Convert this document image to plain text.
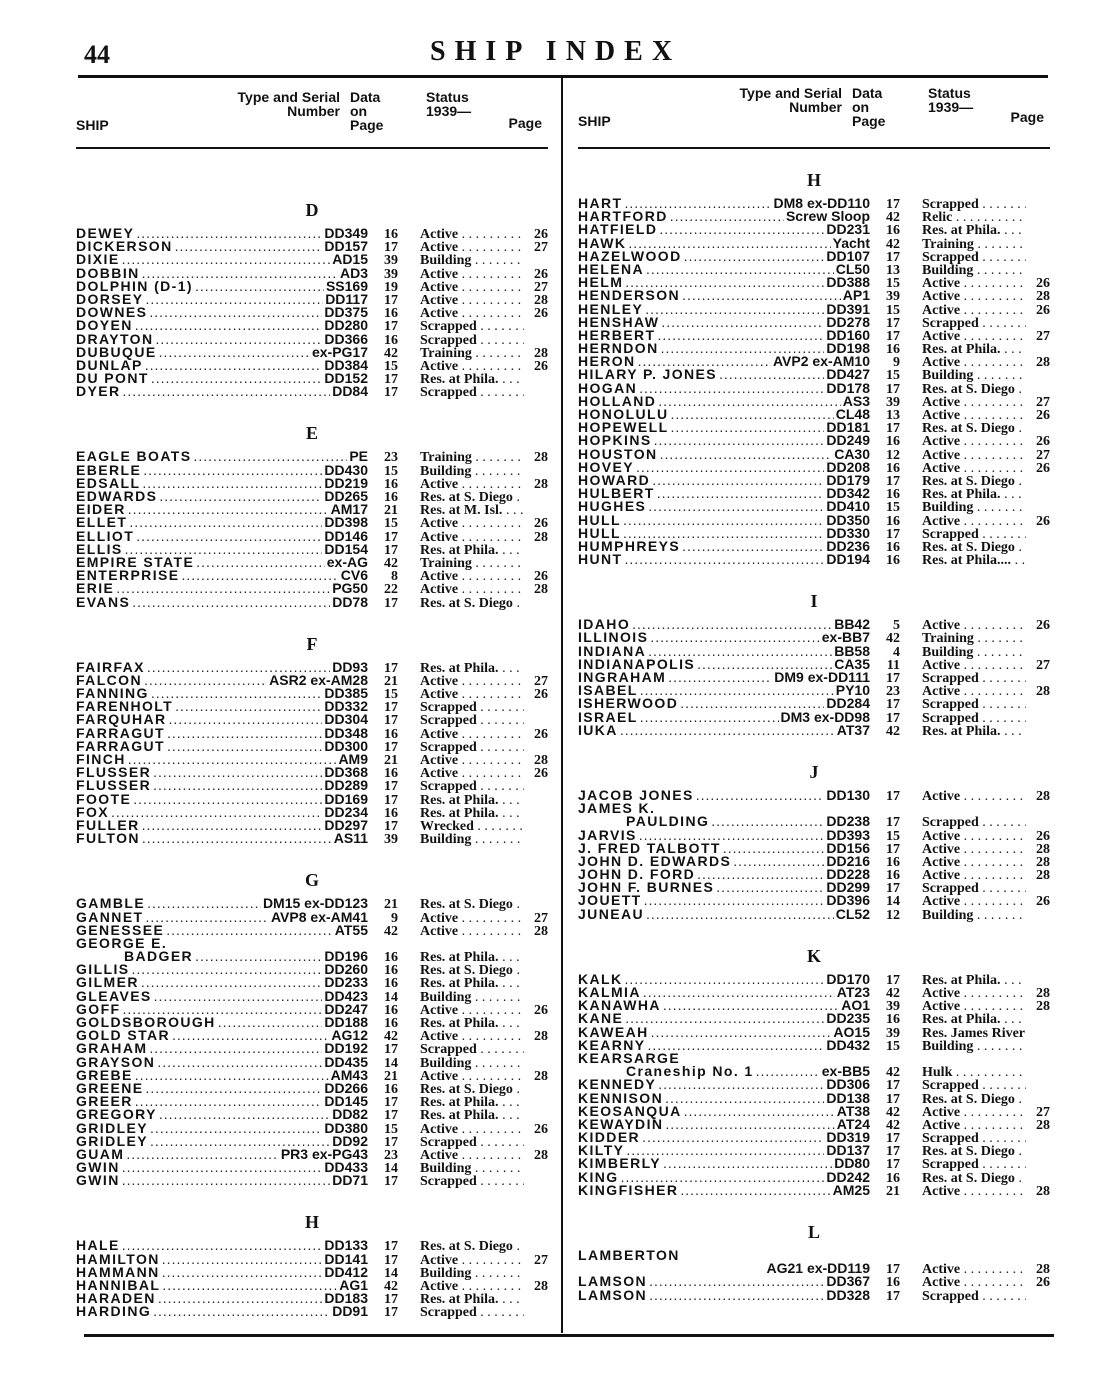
44	SHIP INDEX
SHIP
Type and Serial Number
Data on Page
Status 1939—
Page
D
DEWEY .....	DD349	16 Active . . .	26
DICKERSON .....	DD157	17 Active . . .	27
DIXIE .....	AD15	39 Building . . .
DOBBIN .....	AD3	39 Active . . .	26
DOLPHIN (D-1) .....	SS169	19 Active . . .	27
DORSEY .....	DD117	17 Active . . .	28
DOWNES .....	DD375	16 Active . . .	26
DOYEN .....	DD280	17 Scrapped . . .
DRAYTON .....	DD366	16 Scrapped . . .
DUBUQUE .....	ex-PG17	42 Training . . .	28
DUNLAP .....	DD384	15 Active . . .	26
DU PONT .....	DD152	17 Res. at Phila. . . .
DYER .....	DD84	17 Scrapped . . .
E
EAGLE BOATS .....	PE	23 Training . . .	28
EBERLE .....	DD430	15 Building . . .
EDSALL .....	DD219	16 Active . . .	28
EDWARDS .....	DD265	16 Res. at S. Diego . . .
EIDER .....	AM17	21 Res. at M. Isl. . . .
ELLET .....	DD398	15 Active . . .	26
ELLIOT .....	DD146	17 Active . . .	28
ELLIS .....	DD154	17 Res. at Phila. . . .
EMPIRE STATE .....	ex-AG	42 Training . . .
ENTERPRISE .....	CV6	8 Active . . .	26
ERIE .....	PG50	22 Active . . .	28
EVANS .....	DD78	17 Res. at S. Diego . . .
F
FAIRFAX .....	DD93	17 Res. at Phila. . . .
FALCON .....	ASR2 ex-AM28	21 Active . . .	27
FANNING .....	DD385	15 Active . . .	26
FARENHOLT .....	DD332	17 Scrapped . . .
FARQUHAR .....	DD304	17 Scrapped . . .
FARRAGUT .....	DD348	16 Active . . .	26
FARRAGUT .....	DD300	17 Scrapped . . .
FINCH .....	AM9	21 Active . . .	28
FLUSSER .....	DD368	16 Active . . .	26
FLUSSER .....	DD289	17 Scrapped . . .
FOOTE .....	DD169	17 Res. at Phila. . . .
FOX .....	DD234	16 Res. at Phila. . . .
FULLER .....	DD297	17 Wrecked . . .
FULTON .....	AS11	39 Building . . .
G
GAMBLE .....	DM15 ex-DD123	21 Res. at S. Diego . . .
GANNET .....	AVP8 ex-AM41	9 Active . . .	27
GENESSEE .....	AT55	42 Active . . .	28
GEORGE E.
BADGER .....	DD196	16 Res. at Phila. . . .
GILLIS .....	DD260	16 Res. at S. Diego . . .
GILMER .....	DD233	16 Res. at Phila. . . .
GLEAVES .....	DD423	14 Building . . .
GOFF .....	DD247	16 Active . . .	26
GOLDSBOROUGH .....	DD188	16 Res. at Phila. . . .
GOLD STAR .....	AG12	42 Active . . .	28
GRAHAM .....	DD192	17 Scrapped . . .
GRAYSON .....	DD435	14 Building . . .
GREBE .....	AM43	21 Active . . .	28
GREENE .....	DD266	16 Res. at S. Diego . . .
GREER .....	DD145	17 Res. at Phila. . . .
GREGORY .....	DD82	17 Res. at Phila. . . .
GRIDLEY .....	DD380	15 Active . . .	26
GRIDLEY .....	DD92	17 Scrapped . . .
GUAM .....	PR3 ex-PG43	23 Active . . .	28
GWIN .....	DD433	14 Building . . .
GWIN .....	DD71	17 Scrapped . . .
H
HALE .....	DD133	17 Res. at S. Diego . . .
HAMILTON .....	DD141	17 Active . . .	27
HAMMANN .....	DD412	14 Building . . .
HANNIBAL .....	AG1	42 Active . . .	28
HARADEN .....	DD183	17 Res. at Phila. . . .
HARDING .....	DD91	17 Scrapped . . .
SHIP
Type and Serial Number
Data on Page
Status 1939—
Page
H
HART .....	DM8 ex-DD110	17 Scrapped . . .
HARTFORD .....	Screw Sloop	42 Relic . . .
HATFIELD .....	DD231	16 Res. at Phila. . . .
HAWK .....	Yacht	42 Training . . .
HAZELWOOD .....	DD107	17 Scrapped . . .
HELENA .....	CL50	13 Building . . .
HELM .....	DD388	15 Active . . .	26
HENDERSON .....	AP1	39 Active . . .	28
HENLEY .....	DD391	15 Active . . .	26
HENSHAW .....	DD278	17 Scrapped . . .
HERBERT .....	DD160	17 Active . . .	27
HERNDON .....	DD198	16 Res. at Phila. . . .
HERON .....	AVP2 ex-AM10	9 Active . . .	28
HILARY P. JONES .....	DD427	15 Building . . .
HOGAN .....	DD178	17 Res. at S. Diego . . .
HOLLAND .....	AS3	39 Active . . .	27
HONOLULU .....	CL48	13 Active . . .	26
HOPEWELL .....	DD181	17 Res. at S. Diego . . .
HOPKINS .....	DD249	16 Active . . .	26
HOUSTON .....	CA30	12 Active . . .	27
HOVEY .....	DD208	16 Active . . .	26
HOWARD .....	DD179	17 Res. at S. Diego . . .
HULBERT .....	DD342	16 Res. at Phila. . . .
HUGHES .....	DD410	15 Building . . .
HULL .....	DD350	16 Active . . .	26
HULL .....	DD330	17 Scrapped . . .
HUMPHREYS .....	DD236	16 Res. at S. Diego . . .
HUNT .....	DD194	16 Res. at Phila.... . . .
I
IDAHO .....	BB42	5 Active . . .	26
ILLINOIS .....	ex-BB7	42 Training . . .
INDIANA .....	BB58	4 Building . . .
INDIANAPOLIS .....	CA35	11 Active . . .	27
INGRAHAM .....	DM9 ex-DD111	17 Scrapped . . .
ISABEL .....	PY10	23 Active . . .	28
ISHERWOOD .....	DD284	17 Scrapped . . .
ISRAEL .....	DM3 ex-DD98	17 Scrapped . . .
IUKA .....	AT37	42 Res. at Phila. . . .
J
JACOB JONES .....	DD130	17 Active . . .	28
JAMES K.
PAULDING .....	DD238	17 Scrapped . . .
JARVIS .....	DD393	15 Active . . .	26
J. FRED TALBOTT .....	DD156	17 Active . . .	28
JOHN D. EDWARDS .....	DD216	16 Active . . .	28
JOHN D. FORD .....	DD228	16 Active . . .	28
JOHN F. BURNES .....	DD299	17 Scrapped . . .
JOUETT .....	DD396	14 Active . . .	26
JUNEAU .....	CL52	12 Building . . .
K
KALK .....	DD170	17 Res. at Phila. . . .
KALMIA .....	AT23	42 Active . . .	28
KANAWHA .....	AO1	39 Active . . .	28
KANE .....	DD235	16 Res. at Phila. . . .
KAWEAH .....	AO15	39 Res. James River . . .
KEARNY .....	DD432	15 Building . . .
KEARSARGE
Craneship No. 1 .....	ex-BB5	42 Hulk . . .
KENNEDY .....	DD306	17 Scrapped . . .
KENNISON .....	DD138	17 Res. at S. Diego . . .
KEOSANQUA .....	AT38	42 Active . . .	27
KEWAYDIN .....	AT24	42 Active . . .	28
KIDDER .....	DD319	17 Scrapped . . .
KILTY .....	DD137	17 Res. at S. Diego . . .
KIMBERLY .....	DD80	17 Scrapped . . .
KING .....	DD242	16 Res. at S. Diego . . .
KINGFISHER .....	AM25	21 Active . . .	28
L
LAMBERTON
AG21 ex-DD119	17 Active . . .	28
LAMSON .....	DD367	16 Active . . .	26
LAMSON .....	DD328	17 Scrapped . . .
